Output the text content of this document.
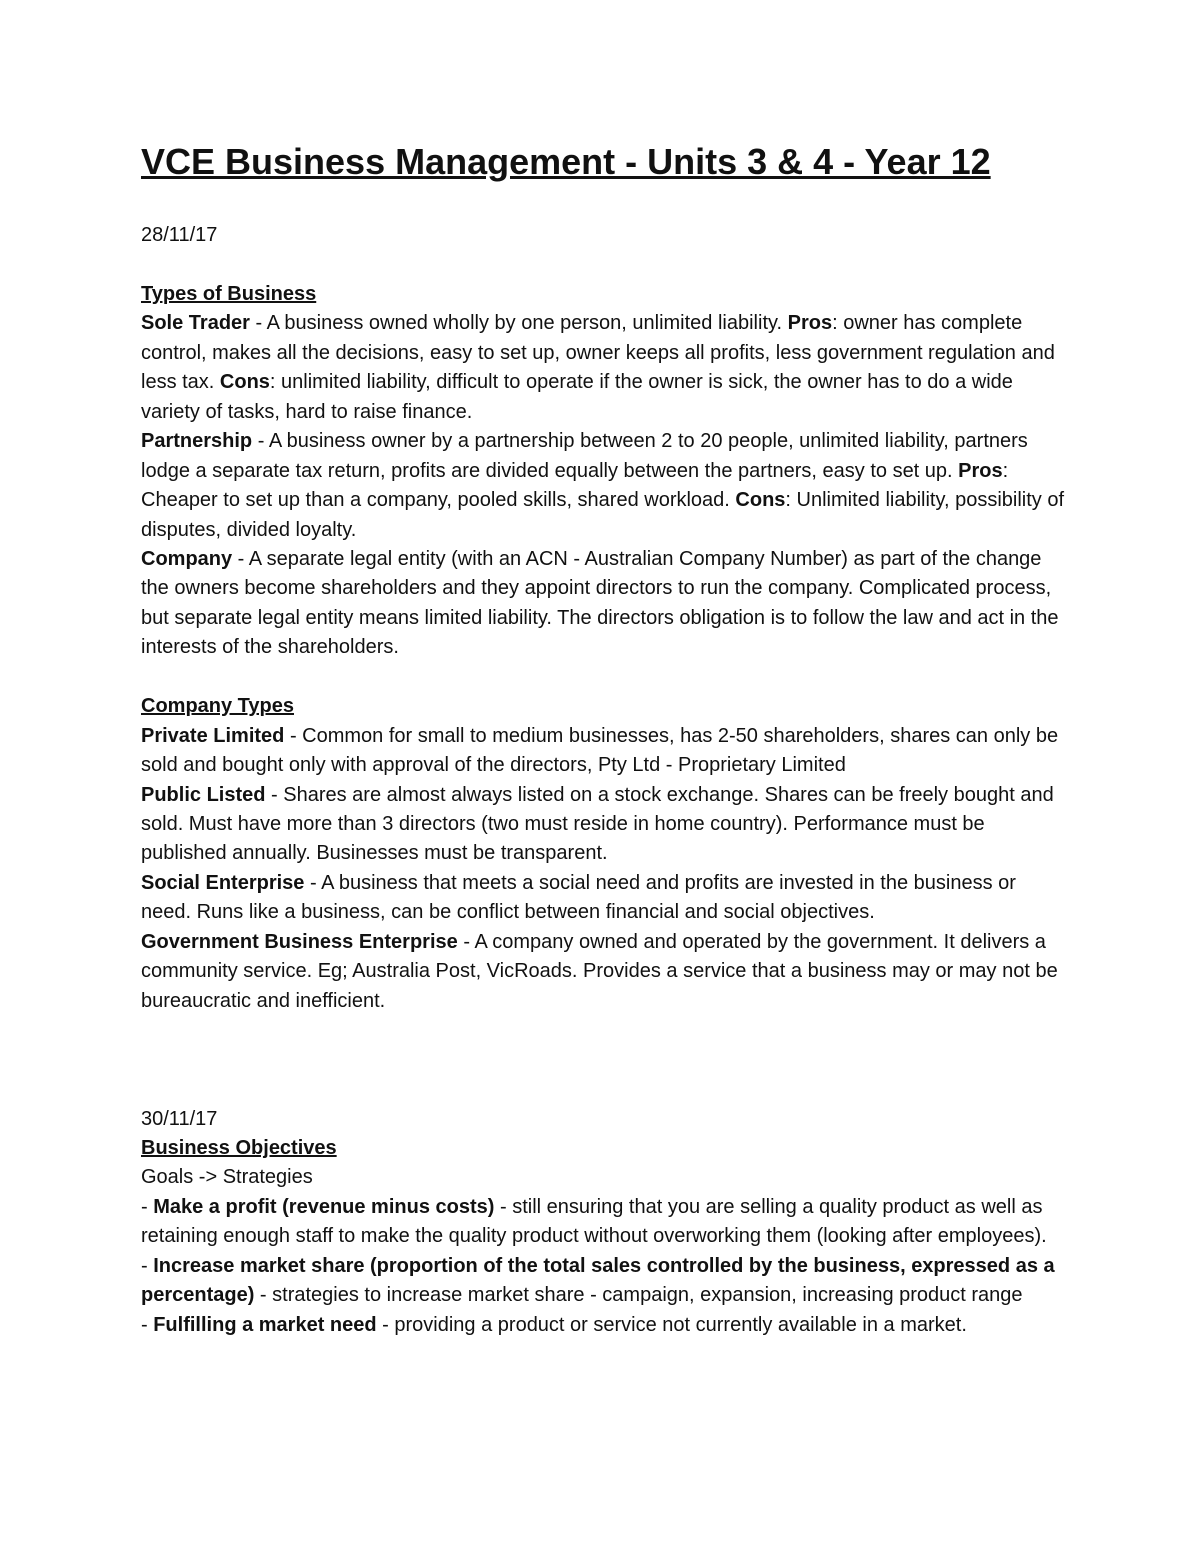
VCE Business Management - Units 3 & 4 - Year 12

28/11/17

Types of Business

Sole Trader - A business owned wholly by one person, unlimited liability. Pros: owner has complete control, makes all the decisions, easy to set up, owner keeps all profits, less government regulation and less tax. Cons: unlimited liability, difficult to operate if the owner is sick, the owner has to do a wide variety of tasks, hard to raise finance.

Partnership - A business owner by a partnership between 2 to 20 people, unlimited liability, partners lodge a separate tax return, profits are divided equally between the partners, easy to set up. Pros: Cheaper to set up than a company, pooled skills, shared workload. Cons: Unlimited liability, possibility of disputes, divided loyalty.

Company - A separate legal entity (with an ACN - Australian Company Number) as part of the change the owners become shareholders and they appoint directors to run the company. Complicated process, but separate legal entity means limited liability. The directors obligation is to follow the law and act in the interests of the shareholders.

Company Types

Private Limited - Common for small to medium businesses, has 2-50 shareholders, shares can only be sold and bought only with approval of the directors, Pty Ltd - Proprietary Limited

Public Listed - Shares are almost always listed on a stock exchange. Shares can be freely bought and sold. Must have more than 3 directors (two must reside in home country). Performance must be published annually. Businesses must be transparent.

Social Enterprise - A business that meets a social need and profits are invested in the business or need. Runs like a business, can be conflict between financial and social objectives.

Government Business Enterprise - A company owned and operated by the government. It delivers a community service. Eg; Australia Post, VicRoads. Provides a service that a business may or may not be bureaucratic and inefficient.

30/11/17

Business Objectives

Goals -> Strategies

- Make a profit (revenue minus costs) - still ensuring that you are selling a quality product as well as retaining enough staff to make the quality product without overworking them (looking after employees).

- Increase market share (proportion of the total sales controlled by the business, expressed as a percentage) - strategies to increase market share - campaign, expansion, increasing product range

- Fulfilling a market need - providing a product or service not currently available in a market.
